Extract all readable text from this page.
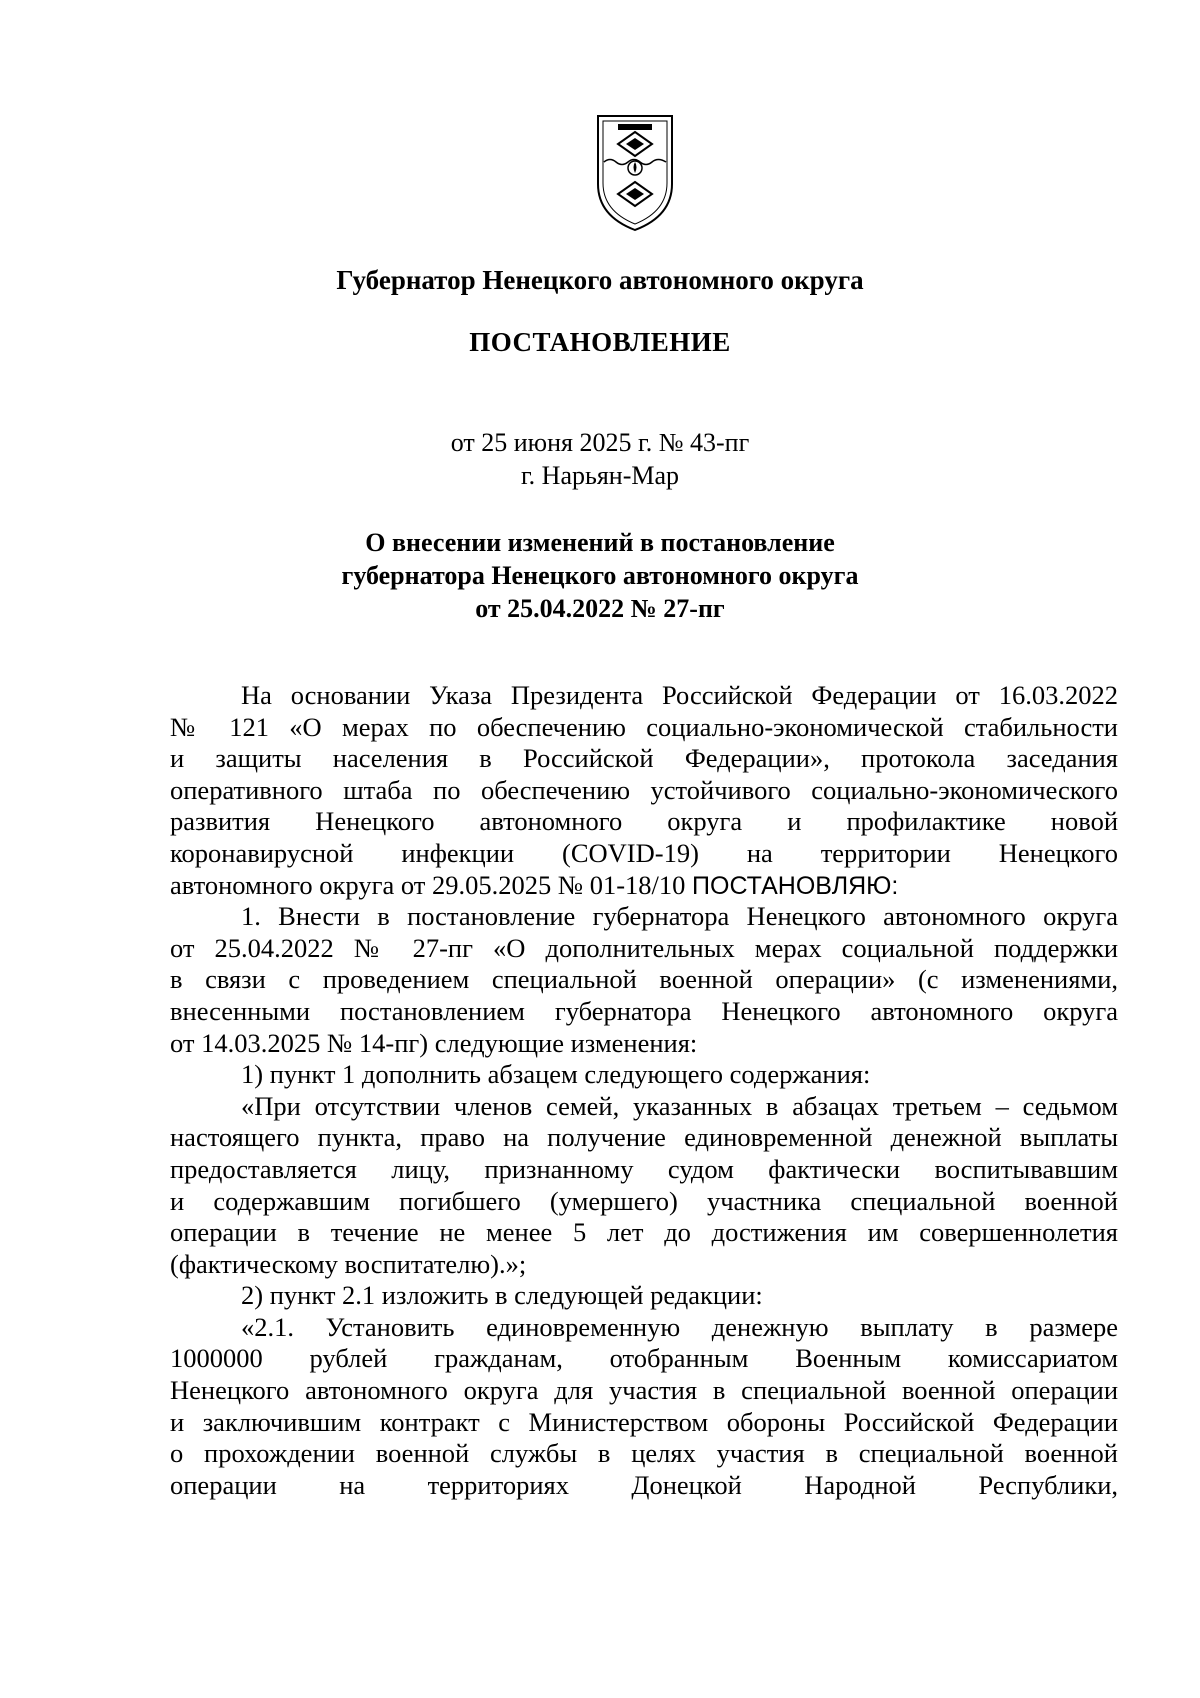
Губернатор Ненецкого автономного округа
ПОСТАНОВЛЕНИЕ
от 25 июня 2025 г. № 43-пг
г. Нарьян-Мар
О внесении изменений в постановление
губернатора Ненецкого автономного округа
от 25.04.2022 № 27-пг
На основании Указа Президента Российской Федерации от 16.03.2022
№ 121 «О мерах по обеспечению социально-экономической стабильности
и защиты населения в Российской Федерации», протокола заседания
оперативного штаба по обеспечению устойчивого социально-экономического
развития Ненецкого автономного округа и профилактике новой
коронавирусной инфекции (COVID-19) на территории Ненецкого
автономного округа от 29.05.2025 № 01-18/10 ПОСТАНОВЛЯЮ:
1. Внести в постановление губернатора Ненецкого автономного округа
от 25.04.2022 № 27-пг «О дополнительных мерах социальной поддержки
в связи с проведением специальной военной операции» (с изменениями,
внесенными постановлением губернатора Ненецкого автономного округа
от 14.03.2025 № 14-пг) следующие изменения:
1) пункт 1 дополнить абзацем следующего содержания:
«При отсутствии членов семей, указанных в абзацах третьем – седьмом
настоящего пункта, право на получение единовременной денежной выплаты
предоставляется лицу, признанному судом фактически воспитывавшим
и содержавшим погибшего (умершего) участника специальной военной
операции в течение не менее 5 лет до достижения им совершеннолетия
(фактическому воспитателю).»;
2) пункт 2.1 изложить в следующей редакции:
«2.1. Установить единовременную денежную выплату в размере
1000000 рублей гражданам, отобранным Военным комиссариатом
Ненецкого автономного округа для участия в специальной военной операции
и заключившим контракт с Министерством обороны Российской Федерации
о прохождении военной службы в целях участия в специальной военной
операции на территориях Донецкой Народной Республики,
